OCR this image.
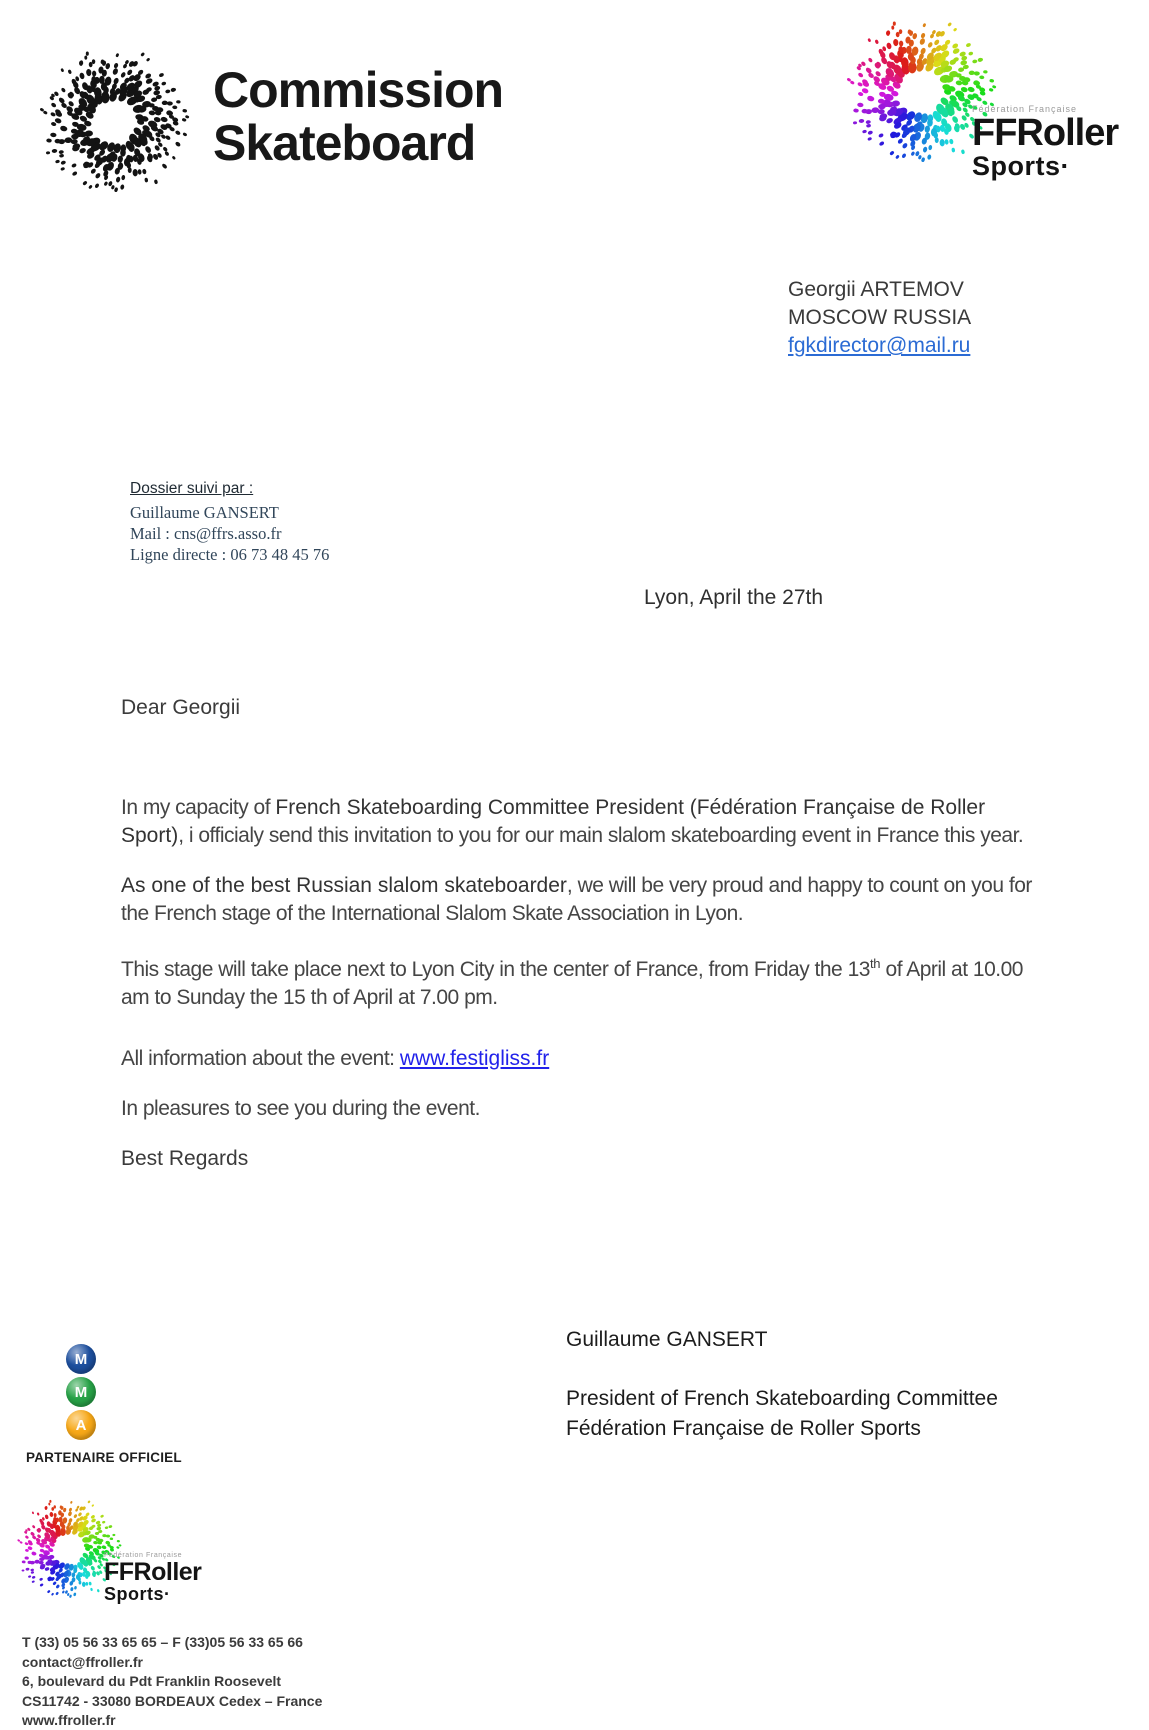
Commission
Skateboard
Fédération Française
FFRoller
Sports·
Georgii ARTEMOV
MOSCOW RUSSIA
fgkdirector@mail.ru
Dossier suivi par :
Guillaume GANSERT
Mail : cns@ffrs.asso.fr
Ligne directe : 06 73 48 45 76
Lyon, April the 27th

Dear Georgii

In my capacity of French Skateboarding Committee President (Fédération Française de Roller Sport), i officialy send this invitation to you for our main slalom skateboarding event in France this year.

As one of the best Russian slalom skateboarder, we will be very proud and happy to count on you for the French stage of the International Slalom Skate Association in Lyon.

This stage will take place next to Lyon City in the center of France, from Friday the 13th of April at 10.00 am to Sunday the 15 th of April at 7.00 pm.

All information about the event: www.festigliss.fr

In pleasures to see you during the event.

Best Regards

Guillaume GANSERT
President of French Skateboarding Committee
Fédération Française de Roller Sports
M
M
A
PARTENAIRE OFFICIEL
Fédération Française
FFRoller
Sports·
T (33) 05 56 33 65 65 – F (33)05 56 33 65 66
contact@ffroller.fr
6, boulevard du Pdt Franklin Roosevelt
CS11742 - 33080 BORDEAUX Cedex – France
www.ffroller.fr
